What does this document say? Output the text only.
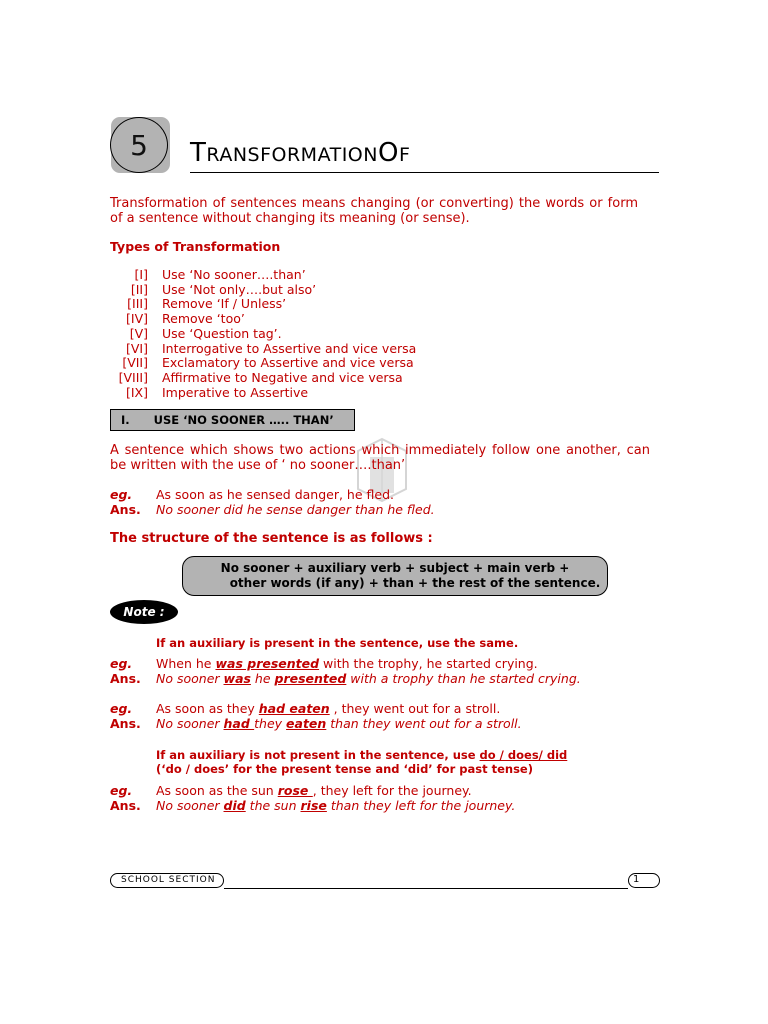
5	TRANSFORMATIONOF
Transformation of sentences means changing (or converting) the words or form of a sentence without changing its meaning (or sense).
Types of Transformation
[I]	Use ‘No sooner….than’
[II]	Use ‘Not only….but also’
[III]	Remove ‘If / Unless’
[IV]	Remove ‘too’
[V]	Use ‘Question tag’.
[VI]	Interrogative to Assertive and vice versa
[VII]	Exclamatory to Assertive and vice versa
[VIII]	Affirmative to Negative and vice versa
[IX]	Imperative to Assertive
I. USE ‘NO SOONER ….. THAN’
A sentence which shows two actions which immediately follow one another, can be written with the use of ‘ no sooner….than’
eg. As soon as he sensed danger, he fled.
Ans. No sooner did he sense danger than he fled.
The structure of the sentence is as follows :
No sooner + auxiliary verb + subject + main verb +
other words (if any) + than + the rest of the sentence.
Note :
If an auxiliary is present in the sentence, use the same.
eg. When he was presented with the trophy, he started crying.
Ans. No sooner was he presented with a trophy than he started crying.
eg. As soon as they had eaten , they went out for a stroll.
Ans. No sooner had they eaten than they went out for a stroll.
If an auxiliary is not present in the sentence, use do / does/ did
(‘do / does’ for the present tense and ‘did’ for past tense)
eg. As soon as the sun rose , they left for the journey.
Ans. No sooner did the sun rise than they left for the journey.
SCHOOL SECTION	1
